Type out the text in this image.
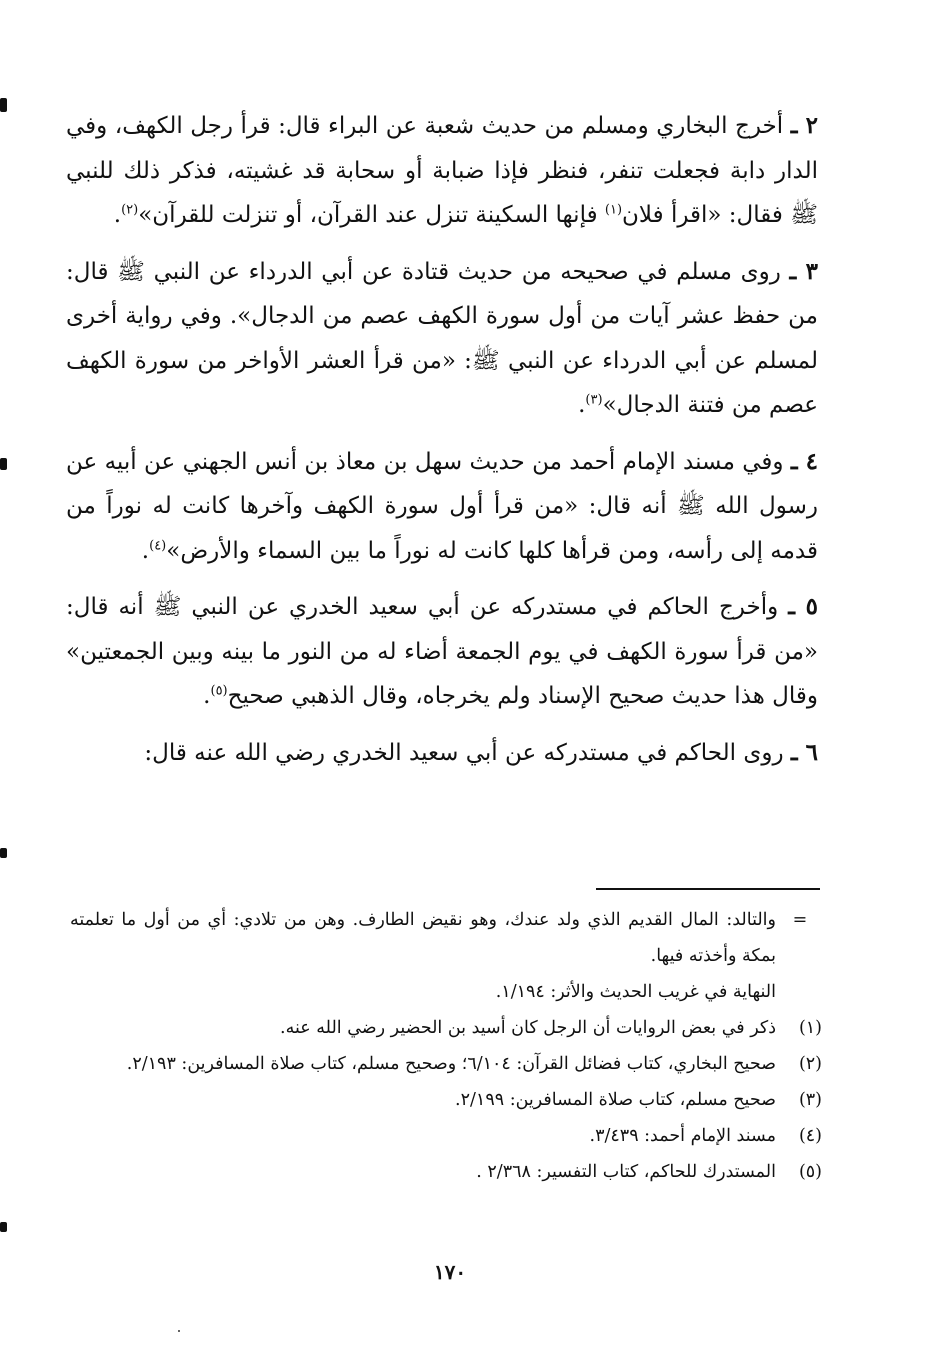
٢ ـ أخرج البخاري ومسلم من حديث شعبة عن البراء قال: قرأ رجل الكهف، وفي الدار دابة فجعلت تنفر، فنظر فإذا ضبابة أو سحابة قد غشيته، فذكر ذلك للنبي ﷺ فقال: «اقرأ فلان$^{(١)}$ فإنها السكينة تنزل عند القرآن، أو تنزلت للقرآن»$^{(٢)}$.

٣ ـ روى مسلم في صحيحه من حديث قتادة عن أبي الدرداء عن النبي ﷺ قال: من حفظ عشر آيات من أول سورة الكهف عصم من الدجال». وفي رواية أخرى لمسلم عن أبي الدرداء عن النبي ﷺ: «من قرأ العشر الأواخر من سورة الكهف عصم من فتنة الدجال»$^{(٣)}$.

٤ ـ وفي مسند الإمام أحمد من حديث سهل بن معاذ بن أنس الجهني عن أبيه عن رسول الله ﷺ أنه قال: «من قرأ أول سورة الكهف وآخرها كانت له نوراً من قدمه إلى رأسه، ومن قرأها كلها كانت له نوراً ما بين السماء والأرض»$^{(٤)}$.

٥ ـ وأخرج الحاكم في مستدركه عن أبي سعيد الخدري عن النبي ﷺ أنه قال: «من قرأ سورة الكهف في يوم الجمعة أضاء له من النور ما بينه وبين الجمعتين» وقال هذا حديث صحيح الإسناد ولم يخرجاه، وقال الذهبي صحيح$^{(٥)}$.

٦ ـ روى الحاكم في مستدركه عن أبي سعيد الخدري رضي الله عنه قال:

=
والتالد: المال القديم الذي ولد عندك، وهو نقيض الطارف. وهن من تلادي: أي من أول ما تعلمته بمكة وأخذته فيها.
النهاية في غريب الحديث والأثر: ١/١٩٤.
(١)
ذكر في بعض الروايات أن الرجل كان أسيد بن الحضير رضي الله عنه.
(٢)
صحيح البخاري، كتاب فضائل القرآن: ٦/١٠٤؛ وصحيح مسلم، كتاب صلاة المسافرين: ٢/١٩٣.
(٣)
صحيح مسلم، كتاب صلاة المسافرين: ٢/١٩٩.
(٤)
مسند الإمام أحمد: ٣/٤٣٩.
(٥)
المستدرك للحاكم، كتاب التفسير: ٢/٣٦٨ .
١٧٠
